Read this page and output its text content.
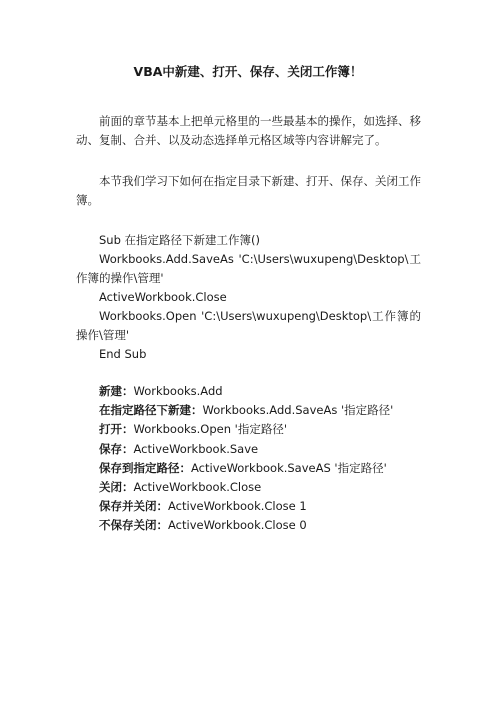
VBA中新建、打开、保存、关闭工作簿！

前面的章节基本上把单元格里的一些最基本的操作，如选择、移动、复制、合并、以及动态选择单元格区域等内容讲解完了。

本节我们学习下如何在指定目录下新建、打开、保存、关闭工作簿。

Sub 在指定路径下新建工作簿()

Workbooks.Add.SaveAs 'C:\Users\wuxupeng\Desktop\工作簿的操作\管理'

ActiveWorkbook.Close

Workbooks.Open 'C:\Users\wuxupeng\Desktop\工作簿的操作\管理'

End Sub

新建：Workbooks.Add

在指定路径下新建：Workbooks.Add.SaveAs '指定路径'

打开：Workbooks.Open '指定路径'

保存：ActiveWorkbook.Save

保存到指定路径：ActiveWorkbook.SaveAS '指定路径'

关闭：ActiveWorkbook.Close

保存并关闭：ActiveWorkbook.Close 1

不保存关闭：ActiveWorkbook.Close 0
